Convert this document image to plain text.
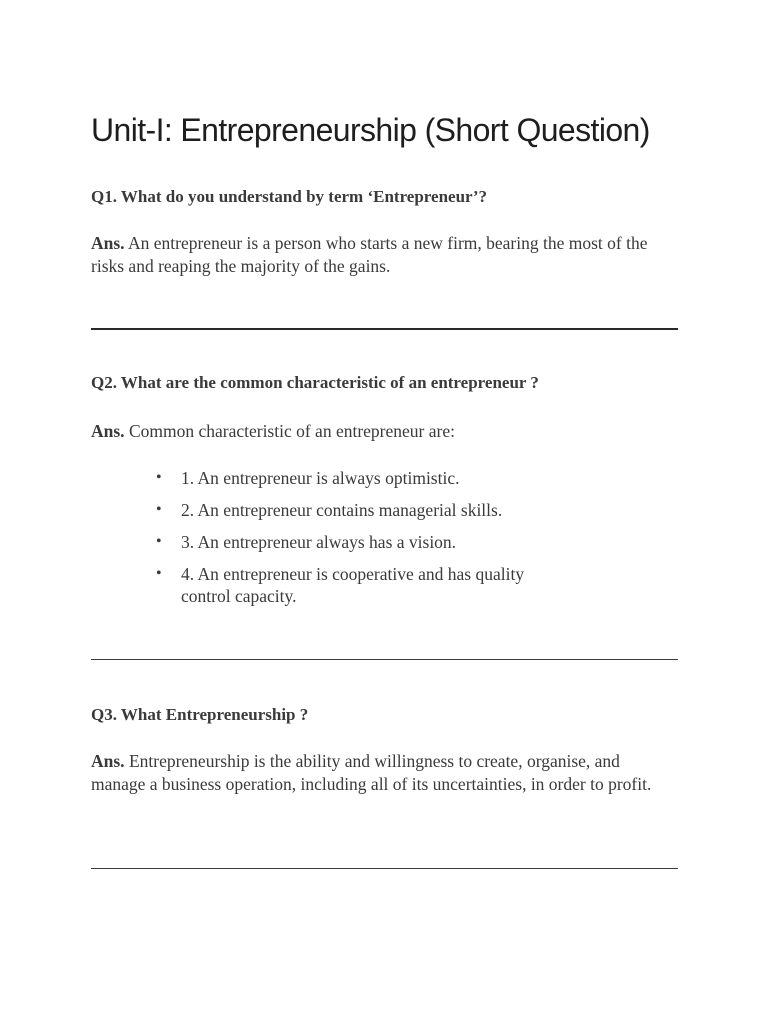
Unit-I: Entrepreneurship (Short Question)

Q1. What do you understand by term ‘Entrepreneur’?

Ans. An entrepreneur is a person who starts a new firm, bearing the most of the risks and reaping the majority of the gains.

Q2. What are the common characteristic of an entrepreneur ?

Ans. Common characteristic of an entrepreneur are:

• 1. An entrepreneur is always optimistic.
• 2. An entrepreneur contains managerial skills.
• 3. An entrepreneur always has a vision.
• 4. An entrepreneur is cooperative and has quality control capacity.

Q3. What Entrepreneurship ?

Ans. Entrepreneurship is the ability and willingness to create, organise, and manage a business operation, including all of its uncertainties, in order to profit.
